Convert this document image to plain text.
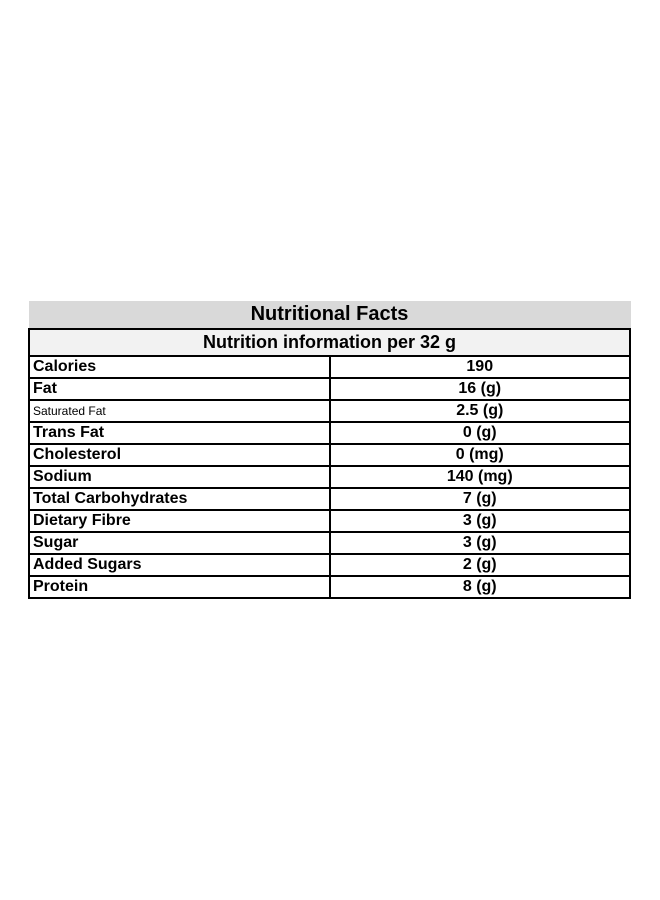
Nutritional Facts	
Nutrition information per 32 g	
Calories	190
Fat	16 (g)
Saturated Fat	2.5 (g)
Trans Fat	0 (g)
Cholesterol	0 (mg)
Sodium	140 (mg)
Total Carbohydrates	7 (g)
Dietary Fibre	3 (g)
Sugar	3 (g)
Added Sugars	2 (g)
Protein	8 (g)
